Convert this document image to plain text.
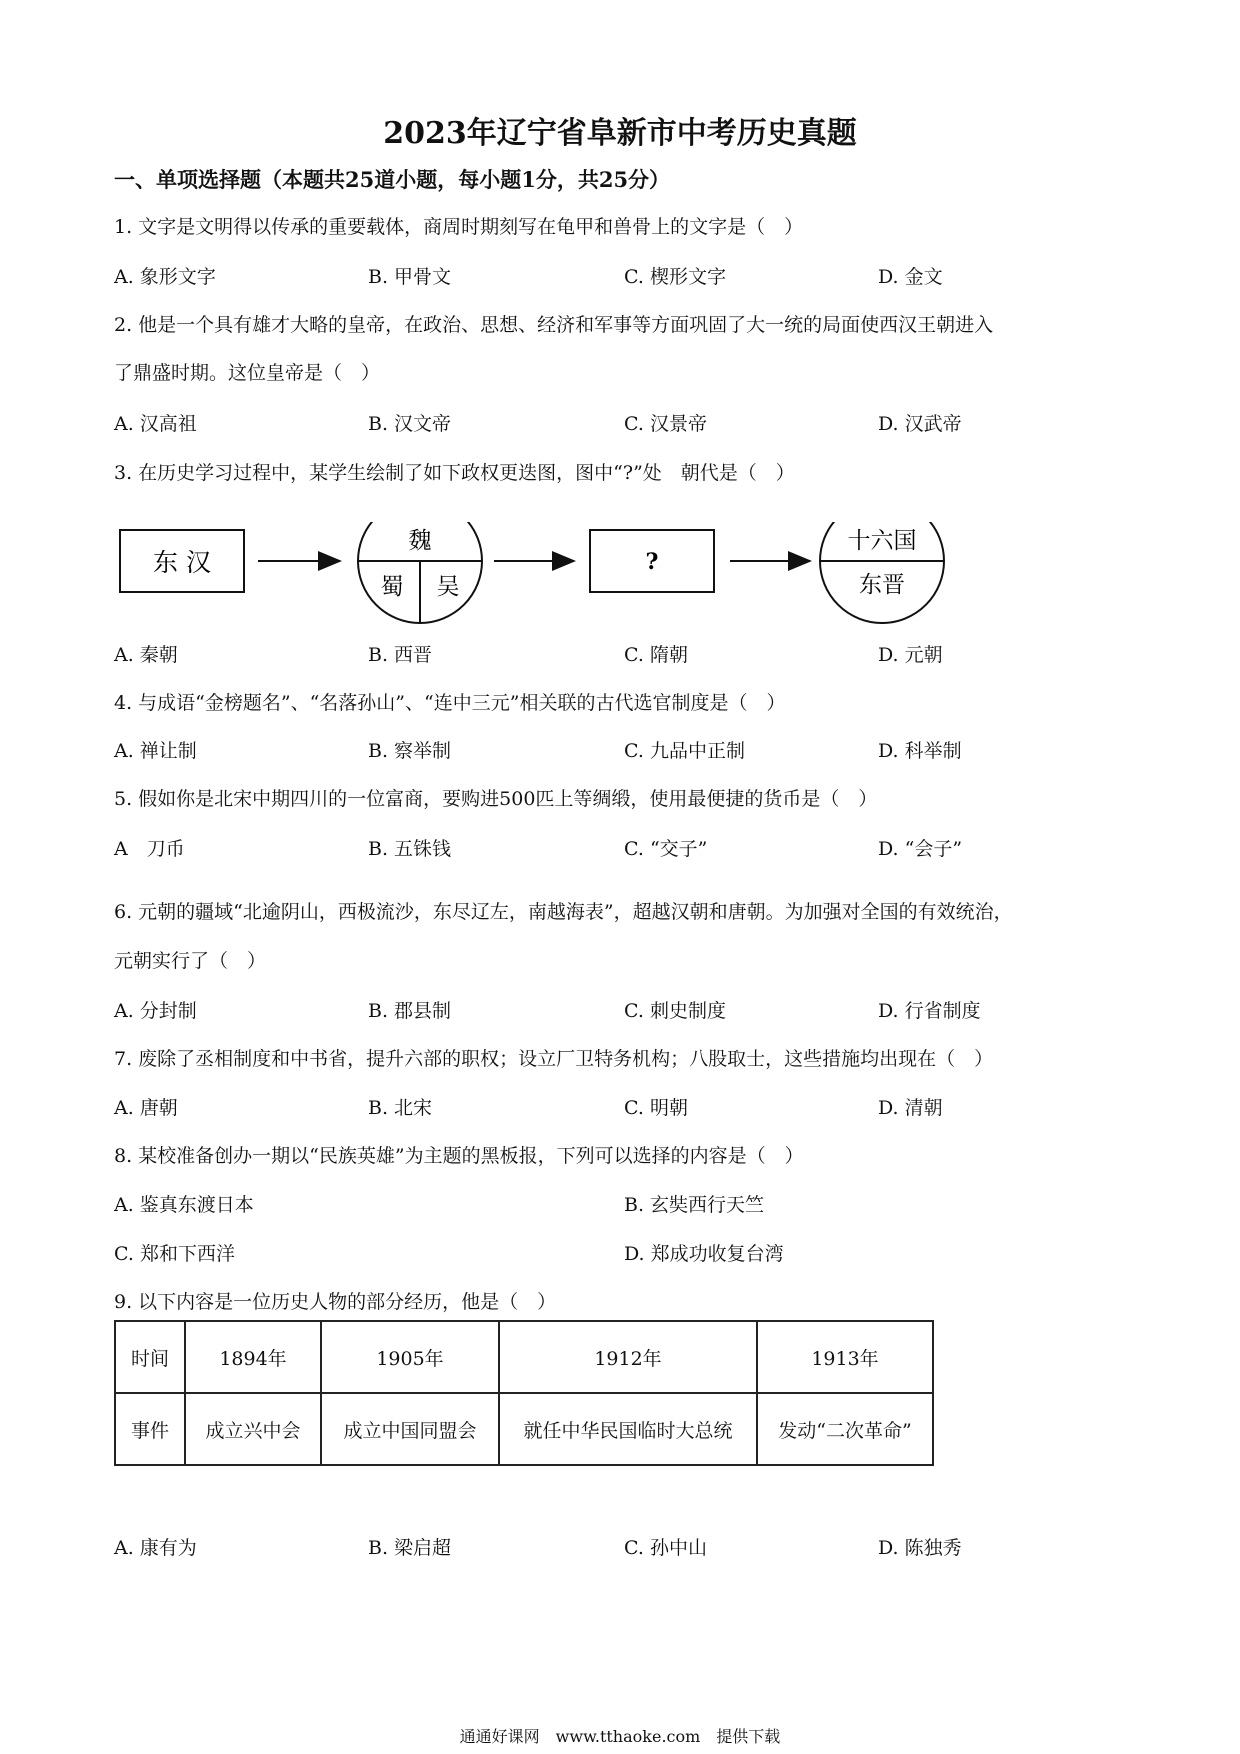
2023年辽宁省阜新市中考历史真题
一、单项选择题（本题共25道小题，每小题1分，共25分）
1. 文字是文明得以传承的重要载体，商周时期刻写在龟甲和兽骨上的文字是（　）
A. 象形文字	B. 甲骨文	C. 楔形文字	D. 金文
2. 他是一个具有雄才大略的皇帝，在政治、思想、经济和军事等方面巩固了大一统的局面使西汉王朝进入
了鼎盛时期。这位皇帝是（　）
A. 汉高祖	B. 汉文帝	C. 汉景帝	D. 汉武帝
3. 在历史学习过程中，某学生绘制了如下政权更迭图，图中“?”处　朝代是（　）
东 汉
魏
蜀 吴
?
十六国
东晋
A. 秦朝	B. 西晋	C. 隋朝	D. 元朝
4. 与成语“金榜题名”、“名落孙山”、“连中三元”相关联的古代选官制度是（　）
A. 禅让制	B. 察举制	C. 九品中正制	D. 科举制
5. 假如你是北宋中期四川的一位富商，要购进500匹上等绸缎，使用最便捷的货币是（　）
A　刀币	B. 五铢钱	C. “交子”	D. “会子”
6. 元朝的疆域“北逾阴山，西极流沙，东尽辽左，南越海表”，超越汉朝和唐朝。为加强对全国的有效统治，
元朝实行了（　）
A. 分封制	B. 郡县制	C. 刺史制度	D. 行省制度
7. 废除了丞相制度和中书省，提升六部的职权；设立厂卫特务机构；八股取士，这些措施均出现在（　）
A. 唐朝	B. 北宋	C. 明朝	D. 清朝
8. 某校准备创办一期以“民族英雄”为主题的黑板报，下列可以选择的内容是（　）
A. 鉴真东渡日本	B. 玄奘西行天竺
C. 郑和下西洋	D. 郑成功收复台湾
9. 以下内容是一位历史人物的部分经历，他是（　）
时间	1894年	1905年	1912年	1913年
事件	成立兴中会	成立中国同盟会	就任中华民国临时大总统	发动“二次革命”
A. 康有为	B. 梁启超	C. 孙中山	D. 陈独秀
通通好课网　www.tthaoke.com　提供下载
